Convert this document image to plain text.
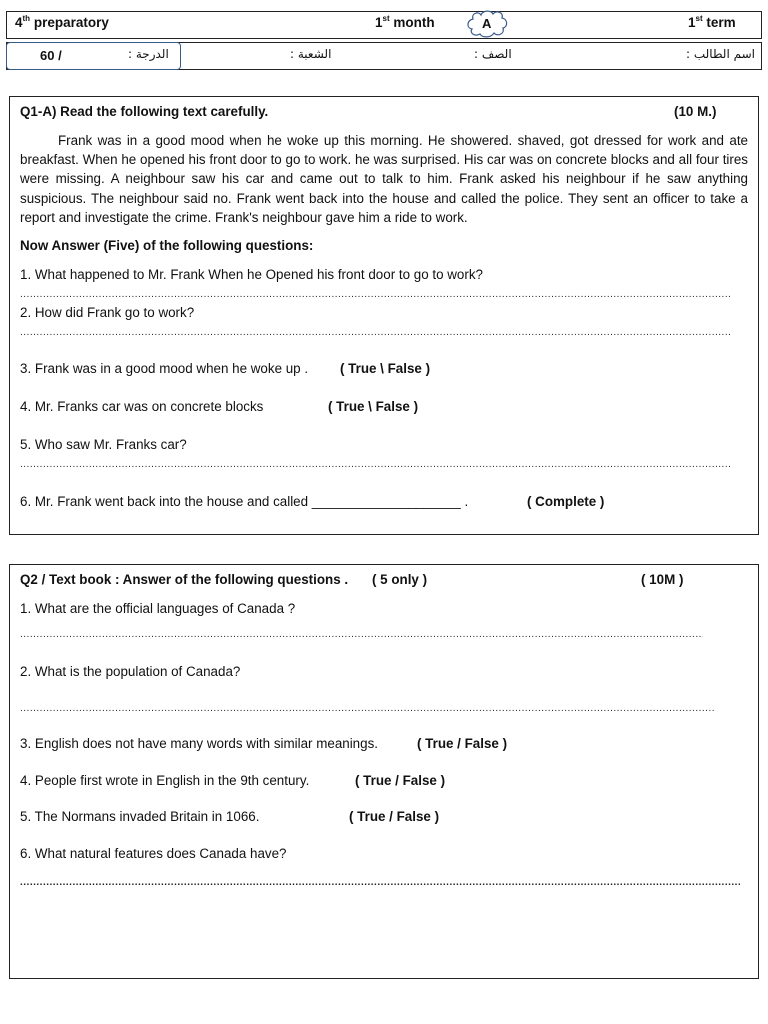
4th preparatory	1st month	A	1st term
60 /	الدرجة :	الشعبة :	الصف :	اسم الطالب :
Q1-A) Read the following text carefully.	(10 M.)
Frank was in a good mood when he woke up this morning. He showered. shaved, got dressed for work and ate breakfast. When he opened his front door to go to work. he was surprised. His car was on concrete blocks and all four tires were missing. A neighbour saw his car and came out to talk to him. Frank asked his neighbour if he saw anything suspicious. The neighbour said no. Frank went back into the house and called the police. They sent an officer to take a report and investigate the crime. Frank's neighbour gave him a ride to work.
Now Answer (Five) of the following questions:
1. What happened to Mr. Frank When he Opened his front door to go to work?
.....
2. How did Frank go to work?
.....
3. Frank was in a good mood when he woke up . ( True \ False )
4. Mr. Franks car was on concrete blocks	( True \ False )
5. Who saw Mr. Franks car?
.....
6. Mr. Frank went back into the house and called ____________________ .	( Complete )
Q2 / Text book : Answer of the following questions . ( 5 only )	( 10M )
1. What are the official languages of Canada ?
.....
2. What is the population of Canada?
.....
3. English does not have many words with similar meanings.	( True / False )
4. People first wrote in English in the 9th century.	( True / False )
5. The Normans invaded Britain in 1066.	( True / False )
6. What natural features does Canada have?
.....
